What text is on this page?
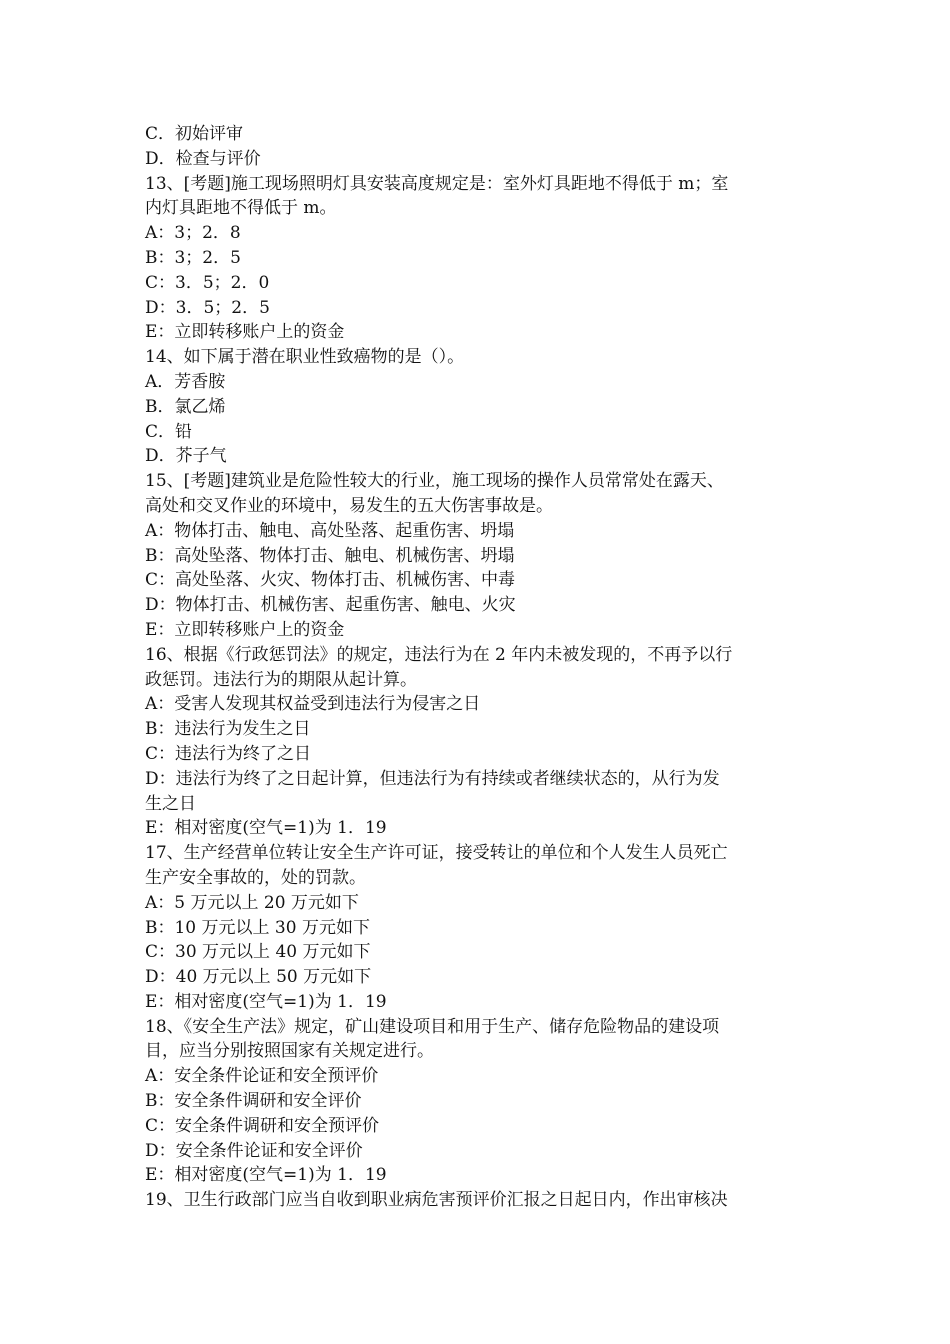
C．初始评审
D．检查与评价
13、[考题]施工现场照明灯具安装高度规定是：室外灯具距地不得低于 m；室
内灯具距地不得低于 m。
A：3；2．8
B：3；2．5
C：3．5；2．0
D：3．5；2．5
E：立即转移账户上的资金
14、如下属于潜在职业性致癌物的是（）。
A．芳香胺
B．氯乙烯
C．铅
D．芥子气
15、[考题]建筑业是危险性较大的行业，施工现场的操作人员常常处在露天、
高处和交叉作业的环境中，易发生的五大伤害事故是。
A：物体打击、触电、高处坠落、起重伤害、坍塌
B：高处坠落、物体打击、触电、机械伤害、坍塌
C：高处坠落、火灾、物体打击、机械伤害、中毒
D：物体打击、机械伤害、起重伤害、触电、火灾
E：立即转移账户上的资金
16、根据《行政惩罚法》的规定，违法行为在 2 年内未被发现的，不再予以行
政惩罚。违法行为的期限从起计算。
A：受害人发现其权益受到违法行为侵害之日
B：违法行为发生之日
C：违法行为终了之日
D：违法行为终了之日起计算，但违法行为有持续或者继续状态的，从行为发
生之日
E：相对密度(空气=1)为 1．19
17、生产经营单位转让安全生产许可证，接受转让的单位和个人发生人员死亡
生产安全事故的，处的罚款。
A：5 万元以上 20 万元如下
B：10 万元以上 30 万元如下
C：30 万元以上 40 万元如下
D：40 万元以上 50 万元如下
E：相对密度(空气=1)为 1．19
18、《安全生产法》规定，矿山建设项目和用于生产、储存危险物品的建设项
目，应当分别按照国家有关规定进行。
A：安全条件论证和安全预评价
B：安全条件调研和安全评价
C：安全条件调研和安全预评价
D：安全条件论证和安全评价
E：相对密度(空气=1)为 1．19
19、卫生行政部门应当自收到职业病危害预评价汇报之日起日内，作出审核决
